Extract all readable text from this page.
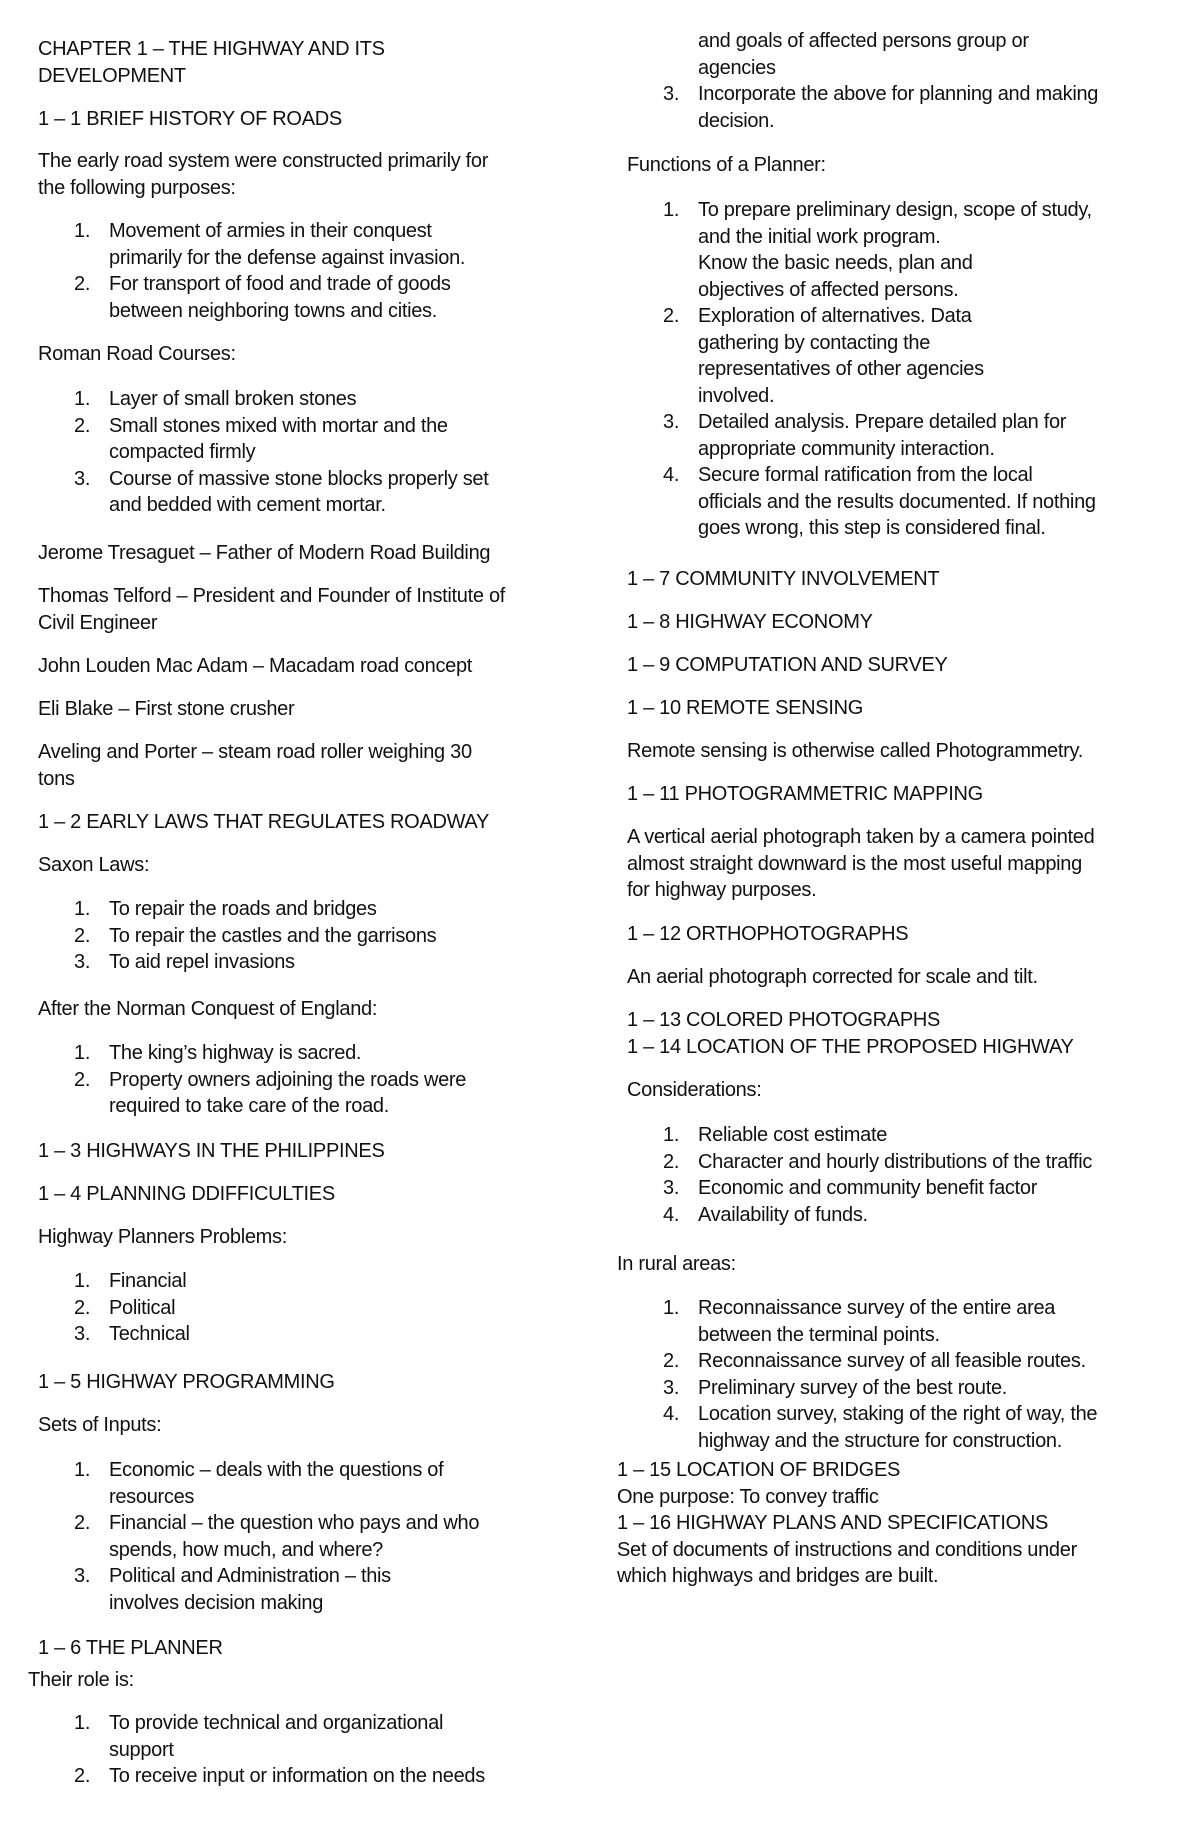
CHAPTER 1 – THE HIGHWAY AND ITS
DEVELOPMENT

1 – 1 BRIEF HISTORY OF ROADS

The early road system were constructed primarily for
the following purposes:

1. Movement of armies in their conquest
primarily for the defense against invasion.
2. For transport of food and trade of goods
between neighboring towns and cities.

Roman Road Courses:

1. Layer of small broken stones
2. Small stones mixed with mortar and the
compacted firmly
3. Course of massive stone blocks properly set
and bedded with cement mortar.

Jerome Tresaguet – Father of Modern Road Building

Thomas Telford – President and Founder of Institute of
Civil Engineer

John Louden Mac Adam – Macadam road concept

Eli Blake – First stone crusher

Aveling and Porter – steam road roller weighing 30
tons

1 – 2 EARLY LAWS THAT REGULATES ROADWAY

Saxon Laws:

1. To repair the roads and bridges
2. To repair the castles and the garrisons
3. To aid repel invasions

After the Norman Conquest of England:

1. The king’s highway is sacred.
2. Property owners adjoining the roads were
required to take care of the road.

1 – 3 HIGHWAYS IN THE PHILIPPINES

1 – 4 PLANNING DDIFFICULTIES

Highway Planners Problems:

1. Financial
2. Political
3. Technical

1 – 5 HIGHWAY PROGRAMMING

Sets of Inputs:

1. Economic – deals with the questions of
resources
2. Financial – the question who pays and who
spends, how much, and where?
3. Political and Administration – this
involves decision making

1 – 6 THE PLANNER

Their role is:

1. To provide technical and organizational
support
2. To receive input or information on the needs
and goals of affected persons group or
agencies
3. Incorporate the above for planning and making
decision.

Functions of a Planner:

1. To prepare preliminary design, scope of study,
and the initial work program.
Know the basic needs, plan and
objectives of affected persons.
2. Exploration of alternatives. Data
gathering by contacting the
representatives of other agencies
involved.
3. Detailed analysis. Prepare detailed plan for
appropriate community interaction.
4. Secure formal ratification from the local
officials and the results documented. If nothing
goes wrong, this step is considered final.

1 – 7 COMMUNITY INVOLVEMENT

1 – 8 HIGHWAY ECONOMY

1 – 9 COMPUTATION AND SURVEY

1 – 10 REMOTE SENSING

Remote sensing is otherwise called Photogrammetry.

1 – 11 PHOTOGRAMMETRIC MAPPING

A vertical aerial photograph taken by a camera pointed
almost straight downward is the most useful mapping
for highway purposes.

1 – 12 ORTHOPHOTOGRAPHS

An aerial photograph corrected for scale and tilt.

1 – 13 COLORED PHOTOGRAPHS

1 – 14 LOCATION OF THE PROPOSED HIGHWAY

Considerations:

1. Reliable cost estimate
2. Character and hourly distributions of the traffic
3. Economic and community benefit factor
4. Availability of funds.

In rural areas:

1. Reconnaissance survey of the entire area
between the terminal points.
2. Reconnaissance survey of all feasible routes.
3. Preliminary survey of the best route.
4. Location survey, staking of the right of way, the
highway and the structure for construction.

1 – 15 LOCATION OF BRIDGES

One purpose: To convey traffic

1 – 16 HIGHWAY PLANS AND SPECIFICATIONS

Set of documents of instructions and conditions under
which highways and bridges are built.
